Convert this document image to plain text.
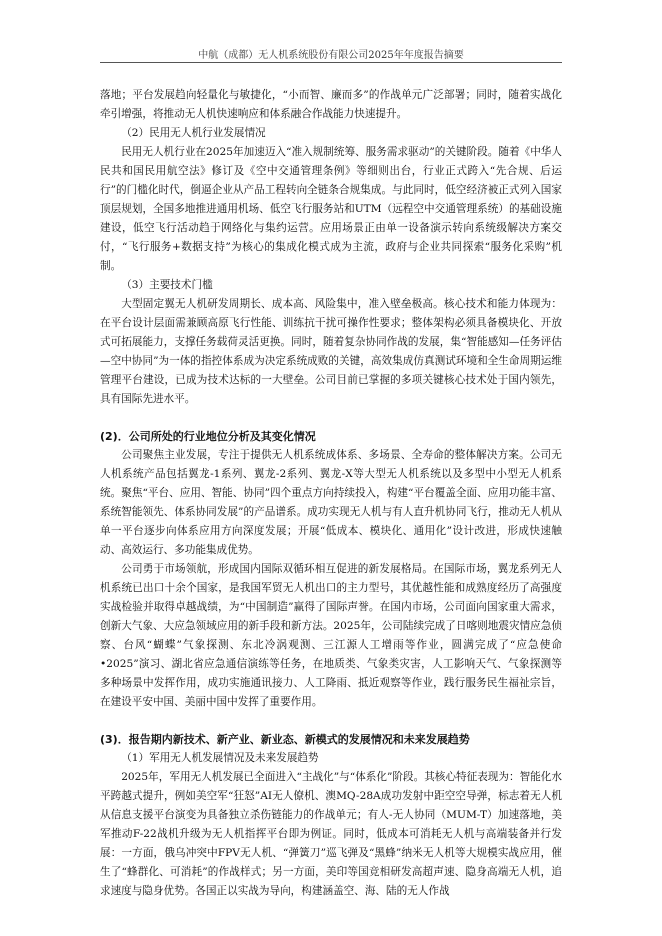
中航（成都）无人机系统股份有限公司2025年年度报告摘要

落地；平台发展趋向轻量化与敏捷化，“小而智、廉而多”的作战单元广泛部署；同时，随着实战化牵引增强，将推动无人机快速响应和体系融合作战能力快速提升。

（2）民用无人机行业发展情况

民用无人机行业在2025年加速迈入“准入规制统筹、服务需求驱动”的关键阶段。随着《中华人民共和国民用航空法》修订及《空中交通管理条例》等细则出台，行业正式跨入“先合规、后运行”的门槛化时代，倒逼企业从产品工程转向全链条合规集成。与此同时，低空经济被正式列入国家顶层规划，全国多地推进通用机场、低空飞行服务站和UTM（远程空中交通管理系统）的基础设施建设，低空飞行活动趋于网络化与集约运营。应用场景正由单一设备演示转向系统级解决方案交付，“飞行服务+数据支持”为核心的集成化模式成为主流，政府与企业共同探索“服务化采购”机制。

（3）主要技术门槛

大型固定翼无人机研发周期长、成本高、风险集中，准入壁垒极高。核心技术和能力体现为：在平台设计层面需兼顾高原飞行性能、训练抗干扰可操作性要求；整体架构必须具备模块化、开放式可拓展能力，支撑任务载荷灵活更换。同时，随着复杂协同作战的发展，集“智能感知—任务评估—空中协同”为一体的指控体系成为决定系统成败的关键，高效集成仿真测试环境和全生命周期运维管理平台建设，已成为技术达标的一大壁垒。公司目前已掌握的多项关键核心技术处于国内领先，具有国际先进水平。

(2)．公司所处的行业地位分析及其变化情况

公司聚焦主业发展，专注于提供无人机系统成体系、多场景、全寿命的整体解决方案。公司无人机系统产品包括翼龙-1系列、翼龙-2系列、翼龙-X等大型无人机系统以及多型中小型无人机系统。聚焦“平台、应用、智能、协同”四个重点方向持续投入，构建“平台覆盖全面、应用功能丰富、系统智能领先、体系协同发展”的产品谱系。成功实现无人机与有人直升机协同飞行，推动无人机从单一平台逐步向体系应用方向深度发展；开展“低成本、模块化、通用化”设计改进，形成快速触动、高效运行、多功能集成优势。

公司勇于市场领航，形成国内国际双循环相互促进的新发展格局。在国际市场，翼龙系列无人机系统已出口十余个国家，是我国军贸无人机出口的主力型号，其优越性能和成熟度经历了高强度实战检验并取得卓越战绩，为“中国制造”赢得了国际声誉。在国内市场，公司面向国家重大需求，创新大气象、大应急领域应用的新手段和新方法。2025年，公司陆续完成了日喀则地震灾情应急侦察、台风“蝴蝶”气象探测、东北冷涡观测、三江源人工增雨等作业，圆满完成了“应急使命•2025”演习、湖北省应急通信演练等任务，在地质类、气象类灾害，人工影响天气、气象探测等多种场景中发挥作用，成功实施通讯接力、人工降雨、抵近观察等作业，践行服务民生福祉宗旨，在建设平安中国、美丽中国中发挥了重要作用。

(3)．报告期内新技术、新产业、新业态、新模式的发展情况和未来发展趋势

（1）军用无人机发展情况及未来发展趋势

2025年，军用无人机发展已全面进入“主战化”与“体系化”阶段。其核心特征表现为：智能化水平跨越式提升，例如美空军“狂怒”AI无人僚机、澳MQ-28A成功发射中距空空导弹，标志着无人机从信息支援平台演变为具备独立杀伤链能力的作战单元；有人-无人协同（MUM-T）加速落地，美军推动F-22战机升级为无人机指挥平台即为例证。同时，低成本可消耗无人机与高端装备并行发展：一方面，俄乌冲突中FPV无人机、“弹簧刀”巡飞弹及“黑蜂”纳米无人机等大规模实战应用，催生了“蜂群化、可消耗”的作战样式；另一方面，美印等国竞相研发高超声速、隐身高端无人机，追求速度与隐身优势。各国正以实战为导向，构建涵盖空、海、陆的无人作战
